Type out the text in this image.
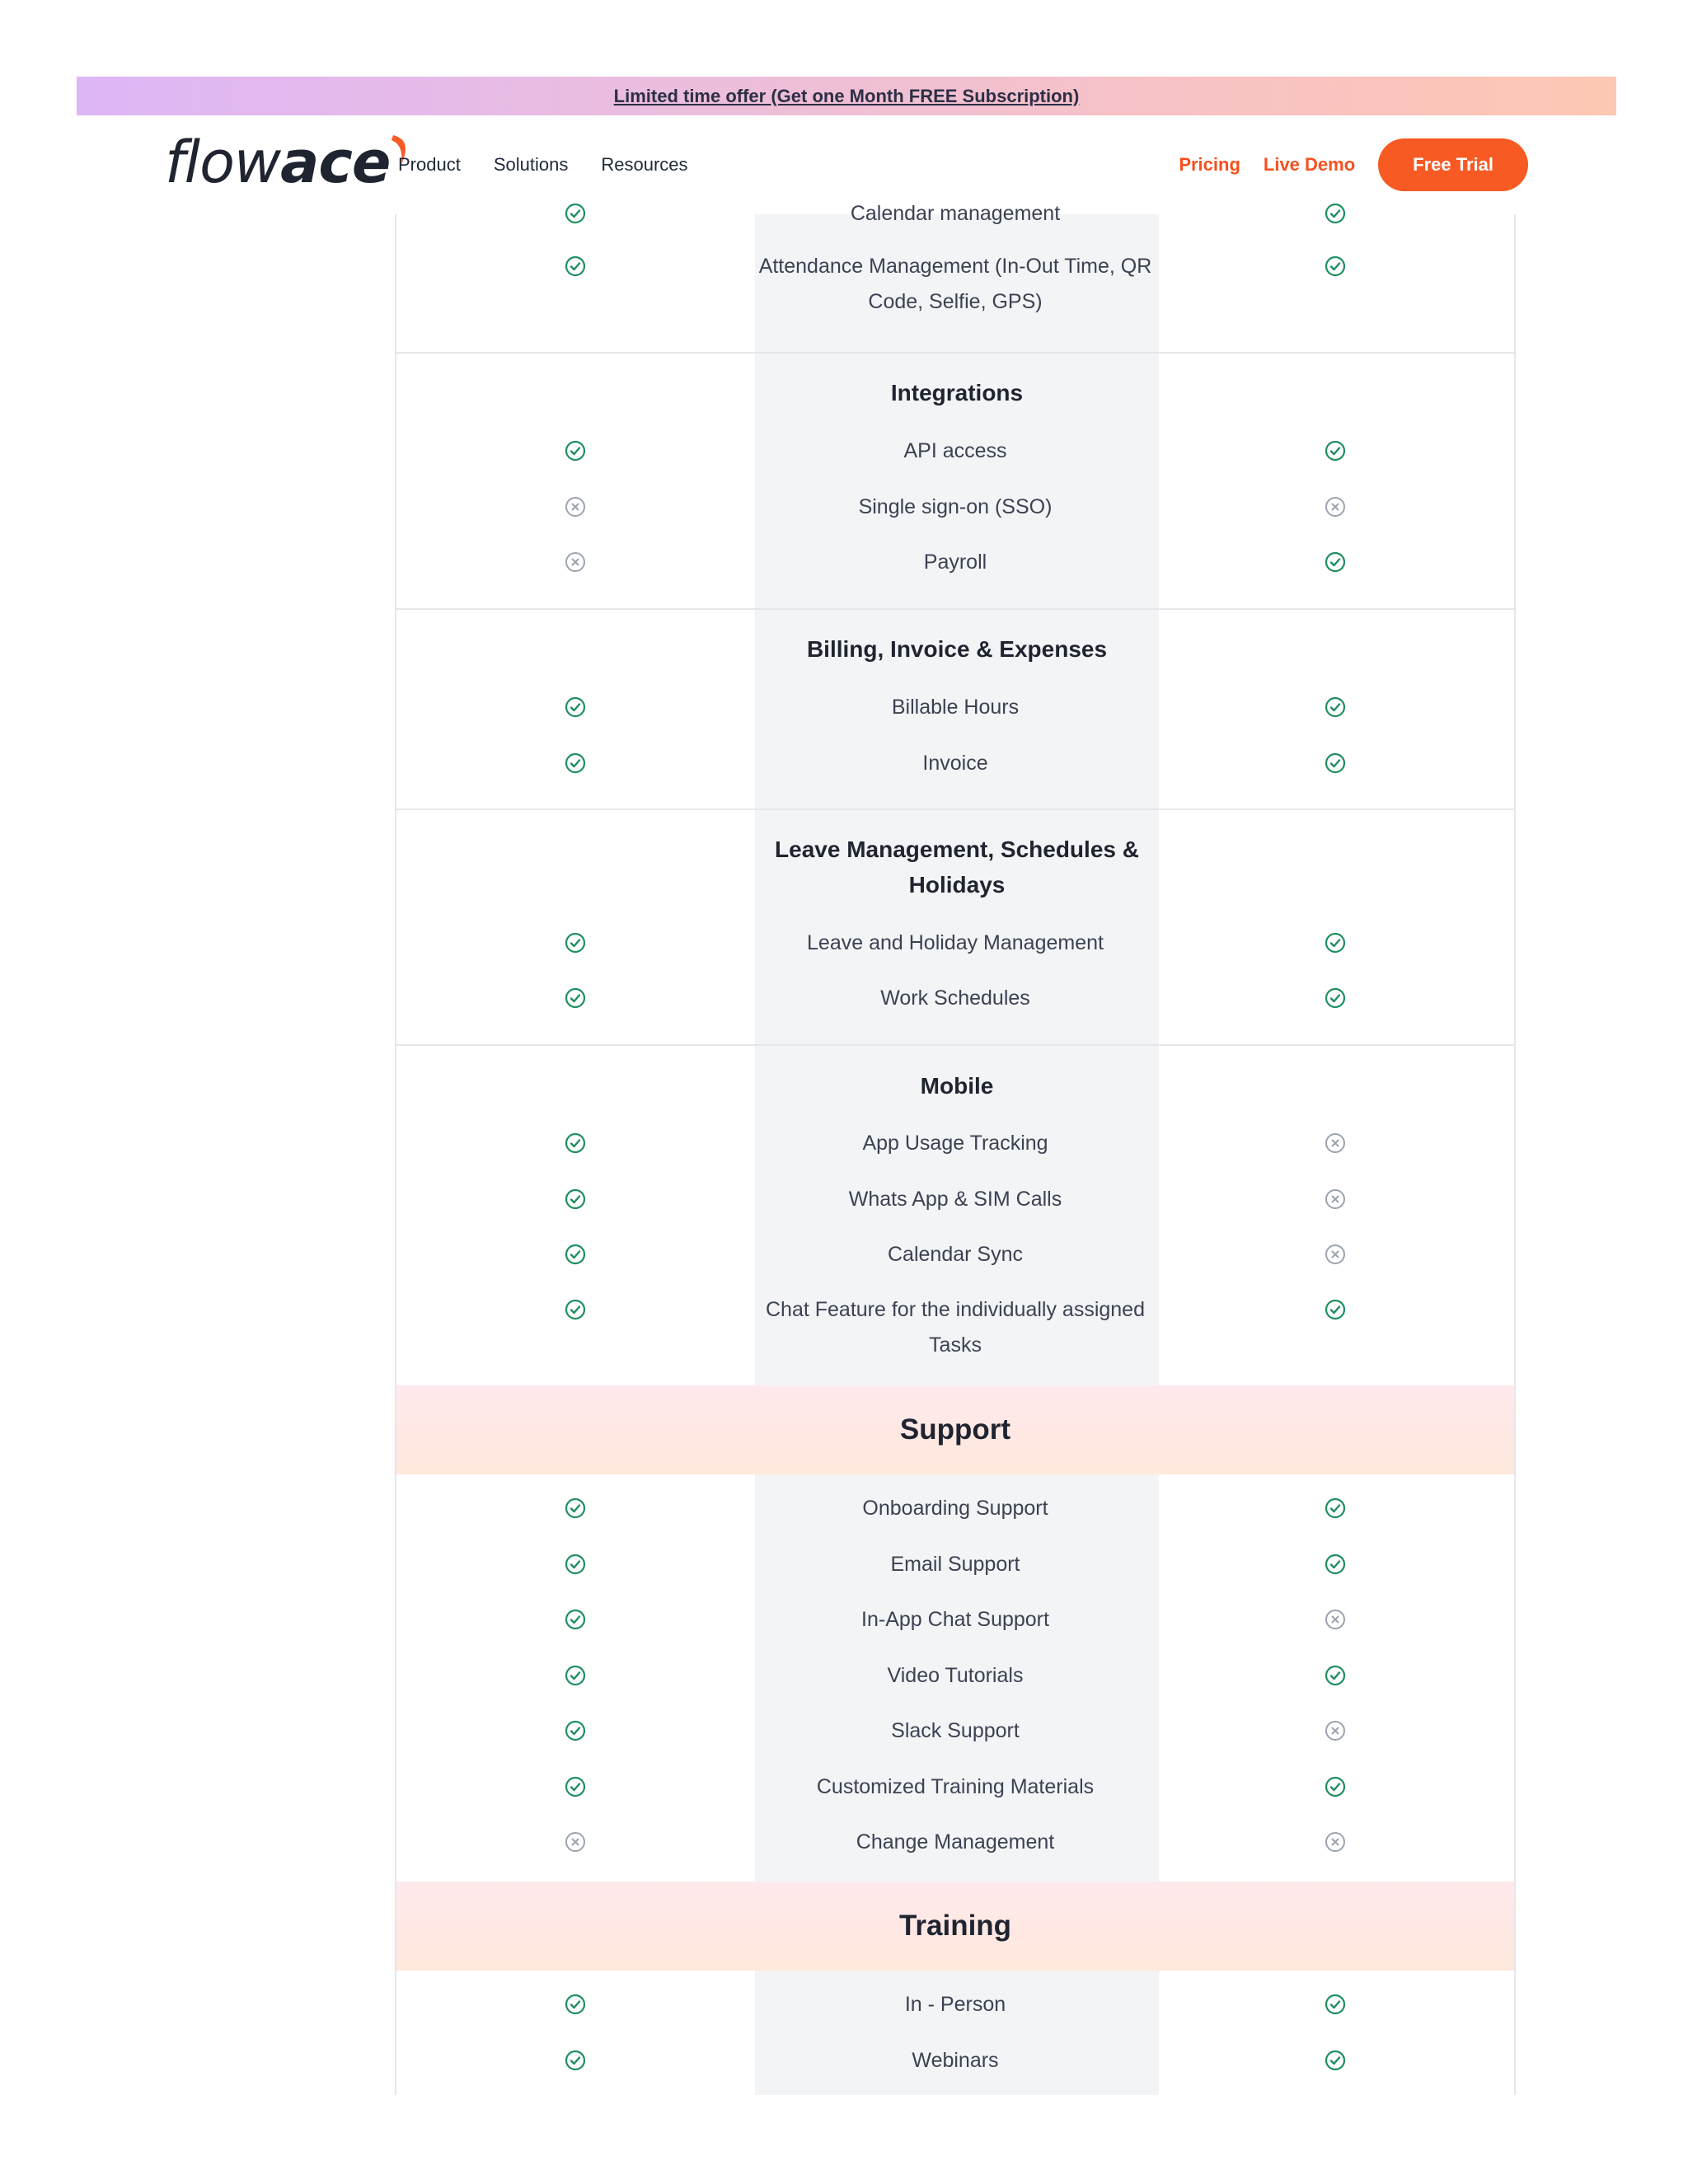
Limited time offer (Get one Month FREE Subscription)
flow ace Product Solutions Resources	Pricing Live Demo	Free Trial
Calendar management
Attendance Management (In-Out Time, QR Code, Selfie, GPS)
Integrations
API access
Single sign-on (SSO)
Payroll
Billing, Invoice & Expenses
Billable Hours
Invoice
Leave Management, Schedules & Holidays
Leave and Holiday Management
Work Schedules
Mobile
App Usage Tracking
Whats App & SIM Calls
Calendar Sync
Chat Feature for the individually assigned Tasks
Support
Onboarding Support
Email Support
In-App Chat Support
Video Tutorials
Slack Support
Customized Training Materials
Change Management
Training
In - Person
Webinars
